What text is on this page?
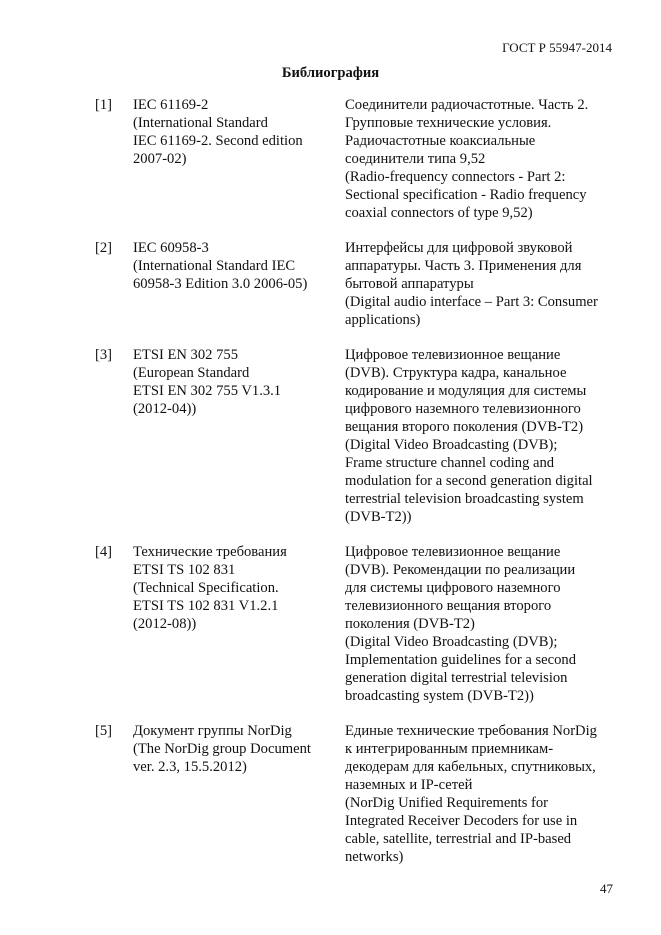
ГОСТ Р 55947-2014
Библиография
[1] IEC 61169-2
(International Standard
IEC 61169-2. Second edition
2007-02)
Соединители радиочастотные. Часть 2.
Групповые технические условия.
Радиочастотные коаксиальные
соединители типа 9,52
(Radio-frequency connectors - Part 2:
Sectional specification - Radio frequency
coaxial connectors of type 9,52)
[2] IEC 60958-3
(International Standard IEC
60958-3 Edition 3.0 2006-05)
Интерфейсы для цифровой звуковой
аппаратуры. Часть 3. Применения для
бытовой аппаратуры
(Digital audio interface – Part 3: Consumer
applications)
[3] ETSI EN 302 755
(European Standard
ETSI EN 302 755 V1.3.1
(2012-04))
Цифровое телевизионное вещание
(DVB). Структура кадра, канальное
кодирование и модуляция для системы
цифрового наземного телевизионного
вещания второго поколения (DVB-T2)
(Digital Video Broadcasting (DVB);
Frame structure channel coding and
modulation for a second generation digital
terrestrial television broadcasting system
(DVB-T2))
[4] Технические требования
ETSI TS 102 831
(Technical Specification.
ETSI TS 102 831 V1.2.1
(2012-08))
Цифровое телевизионное вещание
(DVB). Рекомендации по реализации
для системы цифрового наземного
телевизионного вещания второго
поколения (DVB-T2)
(Digital Video Broadcasting (DVB);
Implementation guidelines for a second
generation digital terrestrial television
broadcasting system (DVB-T2))
[5] Документ группы NorDig
(The NorDig group Document
ver. 2.3, 15.5.2012)
Единые технические требования NorDig
к интегрированным приемникам-
декодерам для кабельных, спутниковых,
наземных и IP-сетей
(NorDig Unified Requirements for
Integrated Receiver Decoders for use in
cable, satellite, terrestrial and IP-based
networks)
47
